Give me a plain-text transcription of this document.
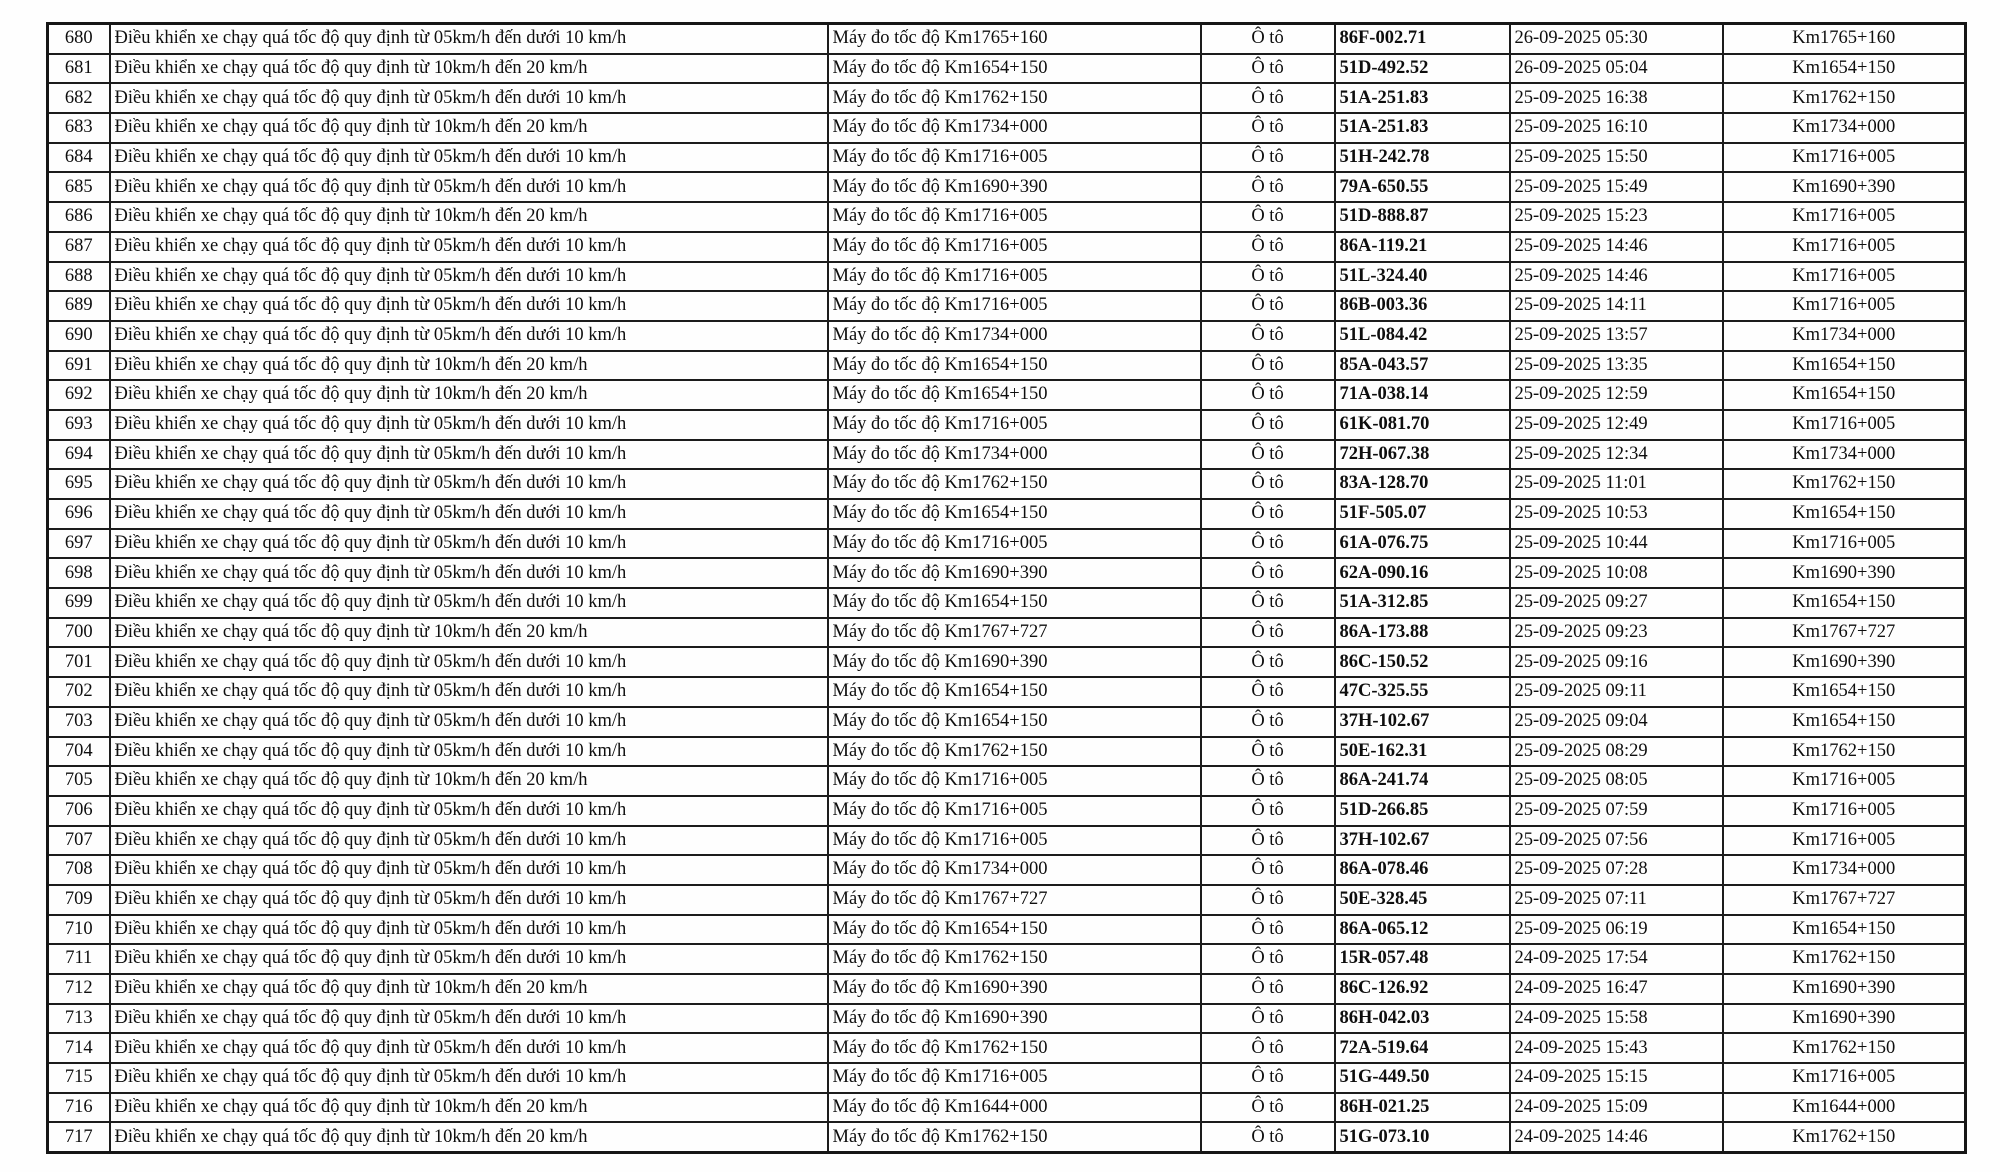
680	Điều khiển xe chạy quá tốc độ quy định từ 05km/h đến dưới 10 km/h	Máy đo tốc độ Km1765+160	Ô tô	86F-002.71	26-09-2025 05:30	Km1765+160
681	Điều khiển xe chạy quá tốc độ quy định từ 10km/h đến 20 km/h	Máy đo tốc độ Km1654+150	Ô tô	51D-492.52	26-09-2025 05:04	Km1654+150
682	Điều khiển xe chạy quá tốc độ quy định từ 05km/h đến dưới 10 km/h	Máy đo tốc độ Km1762+150	Ô tô	51A-251.83	25-09-2025 16:38	Km1762+150
683	Điều khiển xe chạy quá tốc độ quy định từ 10km/h đến 20 km/h	Máy đo tốc độ Km1734+000	Ô tô	51A-251.83	25-09-2025 16:10	Km1734+000
684	Điều khiển xe chạy quá tốc độ quy định từ 05km/h đến dưới 10 km/h	Máy đo tốc độ Km1716+005	Ô tô	51H-242.78	25-09-2025 15:50	Km1716+005
685	Điều khiển xe chạy quá tốc độ quy định từ 05km/h đến dưới 10 km/h	Máy đo tốc độ Km1690+390	Ô tô	79A-650.55	25-09-2025 15:49	Km1690+390
686	Điều khiển xe chạy quá tốc độ quy định từ 10km/h đến 20 km/h	Máy đo tốc độ Km1716+005	Ô tô	51D-888.87	25-09-2025 15:23	Km1716+005
687	Điều khiển xe chạy quá tốc độ quy định từ 05km/h đến dưới 10 km/h	Máy đo tốc độ Km1716+005	Ô tô	86A-119.21	25-09-2025 14:46	Km1716+005
688	Điều khiển xe chạy quá tốc độ quy định từ 05km/h đến dưới 10 km/h	Máy đo tốc độ Km1716+005	Ô tô	51L-324.40	25-09-2025 14:46	Km1716+005
689	Điều khiển xe chạy quá tốc độ quy định từ 05km/h đến dưới 10 km/h	Máy đo tốc độ Km1716+005	Ô tô	86B-003.36	25-09-2025 14:11	Km1716+005
690	Điều khiển xe chạy quá tốc độ quy định từ 05km/h đến dưới 10 km/h	Máy đo tốc độ Km1734+000	Ô tô	51L-084.42	25-09-2025 13:57	Km1734+000
691	Điều khiển xe chạy quá tốc độ quy định từ 10km/h đến 20 km/h	Máy đo tốc độ Km1654+150	Ô tô	85A-043.57	25-09-2025 13:35	Km1654+150
692	Điều khiển xe chạy quá tốc độ quy định từ 10km/h đến 20 km/h	Máy đo tốc độ Km1654+150	Ô tô	71A-038.14	25-09-2025 12:59	Km1654+150
693	Điều khiển xe chạy quá tốc độ quy định từ 05km/h đến dưới 10 km/h	Máy đo tốc độ Km1716+005	Ô tô	61K-081.70	25-09-2025 12:49	Km1716+005
694	Điều khiển xe chạy quá tốc độ quy định từ 05km/h đến dưới 10 km/h	Máy đo tốc độ Km1734+000	Ô tô	72H-067.38	25-09-2025 12:34	Km1734+000
695	Điều khiển xe chạy quá tốc độ quy định từ 05km/h đến dưới 10 km/h	Máy đo tốc độ Km1762+150	Ô tô	83A-128.70	25-09-2025 11:01	Km1762+150
696	Điều khiển xe chạy quá tốc độ quy định từ 05km/h đến dưới 10 km/h	Máy đo tốc độ Km1654+150	Ô tô	51F-505.07	25-09-2025 10:53	Km1654+150
697	Điều khiển xe chạy quá tốc độ quy định từ 05km/h đến dưới 10 km/h	Máy đo tốc độ Km1716+005	Ô tô	61A-076.75	25-09-2025 10:44	Km1716+005
698	Điều khiển xe chạy quá tốc độ quy định từ 05km/h đến dưới 10 km/h	Máy đo tốc độ Km1690+390	Ô tô	62A-090.16	25-09-2025 10:08	Km1690+390
699	Điều khiển xe chạy quá tốc độ quy định từ 05km/h đến dưới 10 km/h	Máy đo tốc độ Km1654+150	Ô tô	51A-312.85	25-09-2025 09:27	Km1654+150
700	Điều khiển xe chạy quá tốc độ quy định từ 10km/h đến 20 km/h	Máy đo tốc độ Km1767+727	Ô tô	86A-173.88	25-09-2025 09:23	Km1767+727
701	Điều khiển xe chạy quá tốc độ quy định từ 05km/h đến dưới 10 km/h	Máy đo tốc độ Km1690+390	Ô tô	86C-150.52	25-09-2025 09:16	Km1690+390
702	Điều khiển xe chạy quá tốc độ quy định từ 05km/h đến dưới 10 km/h	Máy đo tốc độ Km1654+150	Ô tô	47C-325.55	25-09-2025 09:11	Km1654+150
703	Điều khiển xe chạy quá tốc độ quy định từ 05km/h đến dưới 10 km/h	Máy đo tốc độ Km1654+150	Ô tô	37H-102.67	25-09-2025 09:04	Km1654+150
704	Điều khiển xe chạy quá tốc độ quy định từ 05km/h đến dưới 10 km/h	Máy đo tốc độ Km1762+150	Ô tô	50E-162.31	25-09-2025 08:29	Km1762+150
705	Điều khiển xe chạy quá tốc độ quy định từ 10km/h đến 20 km/h	Máy đo tốc độ Km1716+005	Ô tô	86A-241.74	25-09-2025 08:05	Km1716+005
706	Điều khiển xe chạy quá tốc độ quy định từ 05km/h đến dưới 10 km/h	Máy đo tốc độ Km1716+005	Ô tô	51D-266.85	25-09-2025 07:59	Km1716+005
707	Điều khiển xe chạy quá tốc độ quy định từ 05km/h đến dưới 10 km/h	Máy đo tốc độ Km1716+005	Ô tô	37H-102.67	25-09-2025 07:56	Km1716+005
708	Điều khiển xe chạy quá tốc độ quy định từ 05km/h đến dưới 10 km/h	Máy đo tốc độ Km1734+000	Ô tô	86A-078.46	25-09-2025 07:28	Km1734+000
709	Điều khiển xe chạy quá tốc độ quy định từ 05km/h đến dưới 10 km/h	Máy đo tốc độ Km1767+727	Ô tô	50E-328.45	25-09-2025 07:11	Km1767+727
710	Điều khiển xe chạy quá tốc độ quy định từ 05km/h đến dưới 10 km/h	Máy đo tốc độ Km1654+150	Ô tô	86A-065.12	25-09-2025 06:19	Km1654+150
711	Điều khiển xe chạy quá tốc độ quy định từ 05km/h đến dưới 10 km/h	Máy đo tốc độ Km1762+150	Ô tô	15R-057.48	24-09-2025 17:54	Km1762+150
712	Điều khiển xe chạy quá tốc độ quy định từ 10km/h đến 20 km/h	Máy đo tốc độ Km1690+390	Ô tô	86C-126.92	24-09-2025 16:47	Km1690+390
713	Điều khiển xe chạy quá tốc độ quy định từ 05km/h đến dưới 10 km/h	Máy đo tốc độ Km1690+390	Ô tô	86H-042.03	24-09-2025 15:58	Km1690+390
714	Điều khiển xe chạy quá tốc độ quy định từ 05km/h đến dưới 10 km/h	Máy đo tốc độ Km1762+150	Ô tô	72A-519.64	24-09-2025 15:43	Km1762+150
715	Điều khiển xe chạy quá tốc độ quy định từ 05km/h đến dưới 10 km/h	Máy đo tốc độ Km1716+005	Ô tô	51G-449.50	24-09-2025 15:15	Km1716+005
716	Điều khiển xe chạy quá tốc độ quy định từ 10km/h đến 20 km/h	Máy đo tốc độ Km1644+000	Ô tô	86H-021.25	24-09-2025 15:09	Km1644+000
717	Điều khiển xe chạy quá tốc độ quy định từ 10km/h đến 20 km/h	Máy đo tốc độ Km1762+150	Ô tô	51G-073.10	24-09-2025 14:46	Km1762+150
